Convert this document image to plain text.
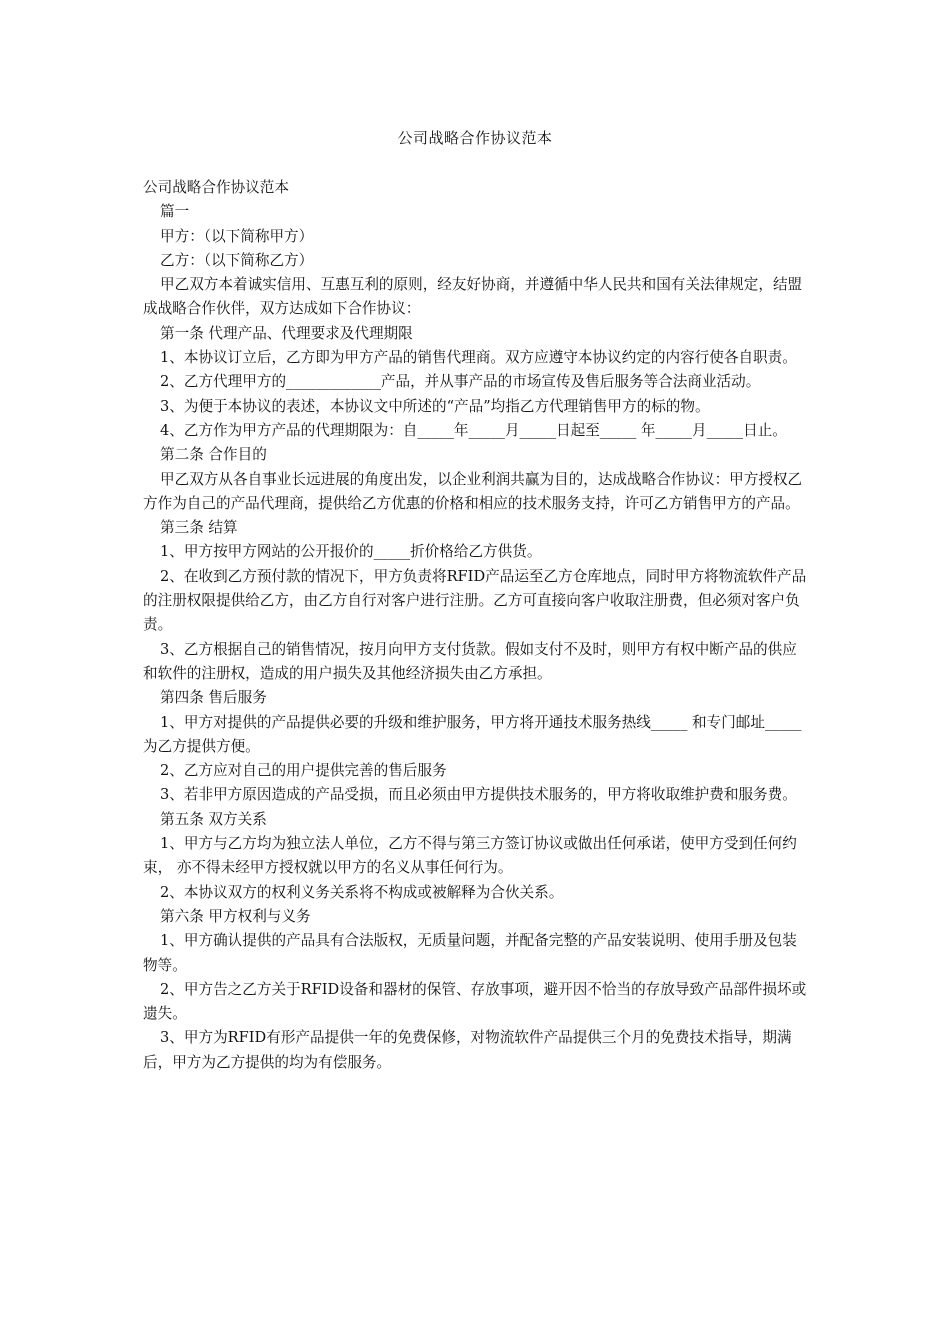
公司战略合作协议范本

公司战略合作协议范本

篇一

甲方：（以下简称甲方）

乙方：（以下简称乙方）

甲乙双方本着诚实信用、互惠互利的原则，经友好协商，并遵循中华人民共和国有关法律规定，结盟成战略合作伙伴，双方达成如下合作协议：

第一条 代理产品、代理要求及代理期限

1、本协议订立后，乙方即为甲方产品的销售代理商。双方应遵守本协议约定的内容行使各自职责。

2、乙方代理甲方的_____________产品，并从事产品的市场宣传及售后服务等合法商业活动。

3、为便于本协议的表述，本协议文中所述的“产品”均指乙方代理销售甲方的标的物。

4、乙方作为甲方产品的代理期限为：自_____年_____月_____日起至_____ 年_____月_____日止。

第二条 合作目的

甲乙双方从各自事业长远进展的角度出发，以企业利润共赢为目的，达成战略合作协议：甲方授权乙方作为自己的产品代理商，提供给乙方优惠的价格和相应的技术服务支持，许可乙方销售甲方的产品。

第三条 结算

1、甲方按甲方网站的公开报价的_____折价格给乙方供货。

2、在收到乙方预付款的情况下，甲方负责将RFID产品运至乙方仓库地点，同时甲方将物流软件产品的注册权限提供给乙方，由乙方自行对客户进行注册。乙方可直接向客户收取注册费，但必须对客户负责。

3、乙方根据自己的销售情况，按月向甲方支付货款。假如支付不及时，则甲方有权中断产品的供应和软件的注册权，造成的用户损失及其他经济损失由乙方承担。

第四条 售后服务

1、甲方对提供的产品提供必要的升级和维护服务，甲方将开通技术服务热线_____ 和专门邮址_____ 为乙方提供方便。

2、乙方应对自己的用户提供完善的售后服务

3、若非甲方原因造成的产品受损，而且必须由甲方提供技术服务的，甲方将收取维护费和服务费。

第五条 双方关系

1、甲方与乙方均为独立法人单位，乙方不得与第三方签订协议或做出任何承诺，使甲方受到任何约束， 亦不得未经甲方授权就以甲方的名义从事任何行为。

2、本协议双方的权利义务关系将不构成或被解释为合伙关系。

第六条 甲方权利与义务

1、甲方确认提供的产品具有合法版权，无质量问题，并配备完整的产品安装说明、使用手册及包装物等。

2、甲方告之乙方关于RFID设备和器材的保管、存放事项，避开因不恰当的存放导致产品部件损坏或遗失。

3、甲方为RFID有形产品提供一年的免费保修，对物流软件产品提供三个月的免费技术指导，期满后，甲方为乙方提供的均为有偿服务。
